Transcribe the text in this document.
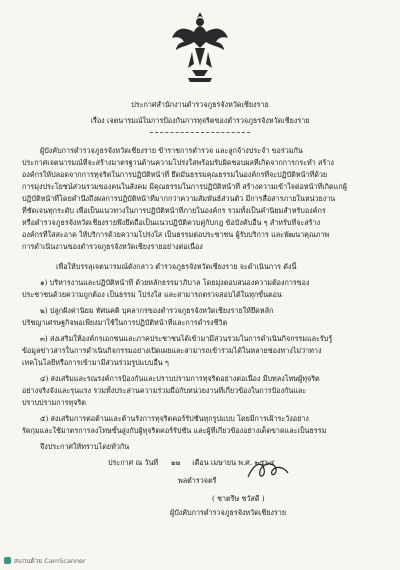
ประกาศสำนักงานตำรวจภูธรจังหวัดเชียงราย
เรื่อง เจตนารมณ์ในการป้องกันการทุจริตของตำรวจภูธรจังหวัดเชียงราย
ผู้บังคับการตำรวจภูธรจังหวัดเชียงราย ข้าราชการตำรวจ และลูกจ้างประจำ ขอร่วมกัน
ประกาศเจตนารมณ์ที่จะสร้างมาตรฐานด้านความโปร่งใสพร้อมรับผิดชอบผลที่เกิดจากการกระทำ สร้าง
องค์กรให้ปลอดจากการทุจริตในการปฏิบัติหน้าที่ ยึดมั่นธรรมคุณธรรมในองค์กรที่จะปฏิบัติหน้าที่ด้วย
การมุ่งประโยชน์ส่วนรวมของคนในสังคม มีคุณธรรมในการปฏิบัติหน้าที่ สร้างความเข้าใจต่อหน้าที่เกิดแก่ผู้
ปฏิบัติหน้าที่โดยคำนึงถึงผลการปฏิบัติหน้าที่มากกว่าความสัมพันธ์ส่วนตัว มีการสื่อสารภายในหน่วยงาน
ที่ชัดเจนทุกระดับ เพื่อเป็นแนวทางในการปฏิบัติหน้าที่ภายในองค์กร รวมทั้งเป็นคำนิยมสำหรับองค์กร
หรือตำรวจภูธรจังหวัดเชียงรายพึงยึดถือเป็นแนวปฏิบัติควบคู่กับกฎ ข้อบังคับอื่น ๆ สำหรับที่จะสร้าง
องค์กรที่ใสสะอาด ให้บริการด้วยความโปร่งใส เป็นธรรมต่อประชาชน ผู้รับบริการ และพัฒนาคุณภาพ
การดำเนินงานของตำรวจภูธรจังหวัดเชียงรายอย่างต่อเนื่อง
เพื่อให้บรรลุเจตนารมณ์ดังกล่าว ตำรวจภูธรจังหวัดเชียงราย จะดำเนินการ ดังนี้
๑) บริหารงานและปฏิบัติหน้าที่ ด้วยหลักธรรมาภิบาล โดยมุ่งตอบสนองความต้องการของ
ประชาชนด้วยความถูกต้อง เป็นธรรม โปร่งใส และสามารถตรวจสอบได้ในทุกขั้นตอน
๒) ปลูกฝังค่านิยม ทัศนคติ บุคลากรของตำรวจภูธรจังหวัดเชียงรายให้ยึดหลัก
ปรัชญาเศรษฐกิจพอเพียงมาใช้ในการปฏิบัติหน้าที่และการดำรงชีวิต
๓) ส่งเสริมให้องค์กรเอกชนและภาคประชาชนได้เข้ามามีส่วนร่วมในการดำเนินกิจกรรมและรับรู้
ข้อมูลข่าวสารในการดำเนินกิจกรรมอย่างเปิดเผยและสามารถเข้าร่วมได้ในหลายช่องทางไม่ว่าทาง
เทคโนโลยีหรือการเข้ามามีส่วนร่วมรูปแบบอื่น ๆ
๔) ส่งเสริมและรณรงค์การป้องกันและปราบปรามการทุจริตอย่างต่อเนื่อง มีบทลงโทษผู้ทุจริต
อย่างจริงจังและรุนแรง รวมทั้งประสานความร่วมมือกับหน่วยงานที่เกี่ยวข้องในการป้องกันและ
ปราบปรามการทุจริต
๕) ส่งเสริมการต่อต้านและต้านรังการทุจริตคอร์รัปชั่นทุกรูปแบบ โดยมีการเฝ้าระวังอย่าง
รัดกุมและใช้มาตรการลงโทษขั้นสูงกับผู้ทุจริตคอร์รัปชั่น และผู้ที่เกี่ยวข้องอย่างเด็ดขาดและเป็นธรรม
จึงประกาศให้ทราบโดยทั่วกัน
ประกาศ ณ วันที่ ๒๒ เดือน เมษายน พ.ศ. ๒๕๖๔
พลตำรวจตรี
( ชาตรีษ ชวัสดี )
ผู้บังคับการตำรวจภูธรจังหวัดเชียงราย
สแกนด้วย CamScanner
